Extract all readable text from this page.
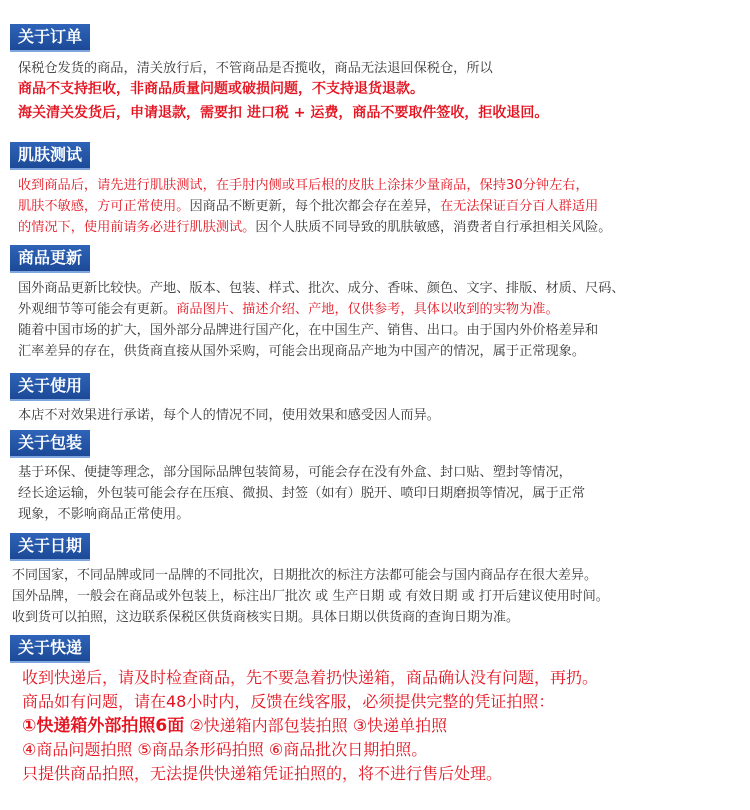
关于订单
保税仓发货的商品，清关放行后，不管商品是否揽收，商品无法退回保税仓，所以
商品不支持拒收，非商品质量问题或破损问题，不支持退货退款。
海关清关发货后，申请退款，需要扣 进口税 + 运费，商品不要取件签收，拒收退回。
肌肤测试
收到商品后，请先进行肌肤测试，在手肘内侧或耳后根的皮肤上涂抹少量商品，保持30分钟左右，
肌肤不敏感，方可正常使用。因商品不断更新，每个批次都会存在差异，在无法保证百分百人群适用
的情况下，使用前请务必进行肌肤测试。因个人肤质不同导致的肌肤敏感，消费者自行承担相关风险。
商品更新
国外商品更新比较快。产地、版本、包装、样式、批次、成分、香味、颜色、文字、排版、材质、尺码、
外观细节等可能会有更新。商品图片、描述介绍、产地，仅供参考，具体以收到的实物为准。
随着中国市场的扩大，国外部分品牌进行国产化，在中国生产、销售、出口。由于国内外价格差异和
汇率差异的存在，供货商直接从国外采购，可能会出现商品产地为中国产的情况，属于正常现象。
关于使用
本店不对效果进行承诺，每个人的情况不同，使用效果和感受因人而异。
关于包装
基于环保、便捷等理念，部分国际品牌包装简易，可能会存在没有外盒、封口贴、塑封等情况，
经长途运输，外包装可能会存在压痕、微损、封签（如有）脱开、喷印日期磨损等情况，属于正常
现象，不影响商品正常使用。
关于日期
不同国家，不同品牌或同一品牌的不同批次，日期批次的标注方法都可能会与国内商品存在很大差异。
国外品牌，一般会在商品或外包装上，标注出厂批次 或 生产日期 或 有效日期 或 打开后建议使用时间。
收到货可以拍照，这边联系保税区供货商核实日期。具体日期以供货商的查询日期为准。
关于快递
收到快递后，请及时检查商品，先不要急着扔快递箱，商品确认没有问题，再扔。
商品如有问题，请在48小时内，反馈在线客服，必须提供完整的凭证拍照：
①快递箱外部拍照6面 ②快递箱内部包装拍照 ③快递单拍照
④商品问题拍照 ⑤商品条形码拍照 ⑥商品批次日期拍照。
只提供商品拍照，无法提供快递箱凭证拍照的，将不进行售后处理。
